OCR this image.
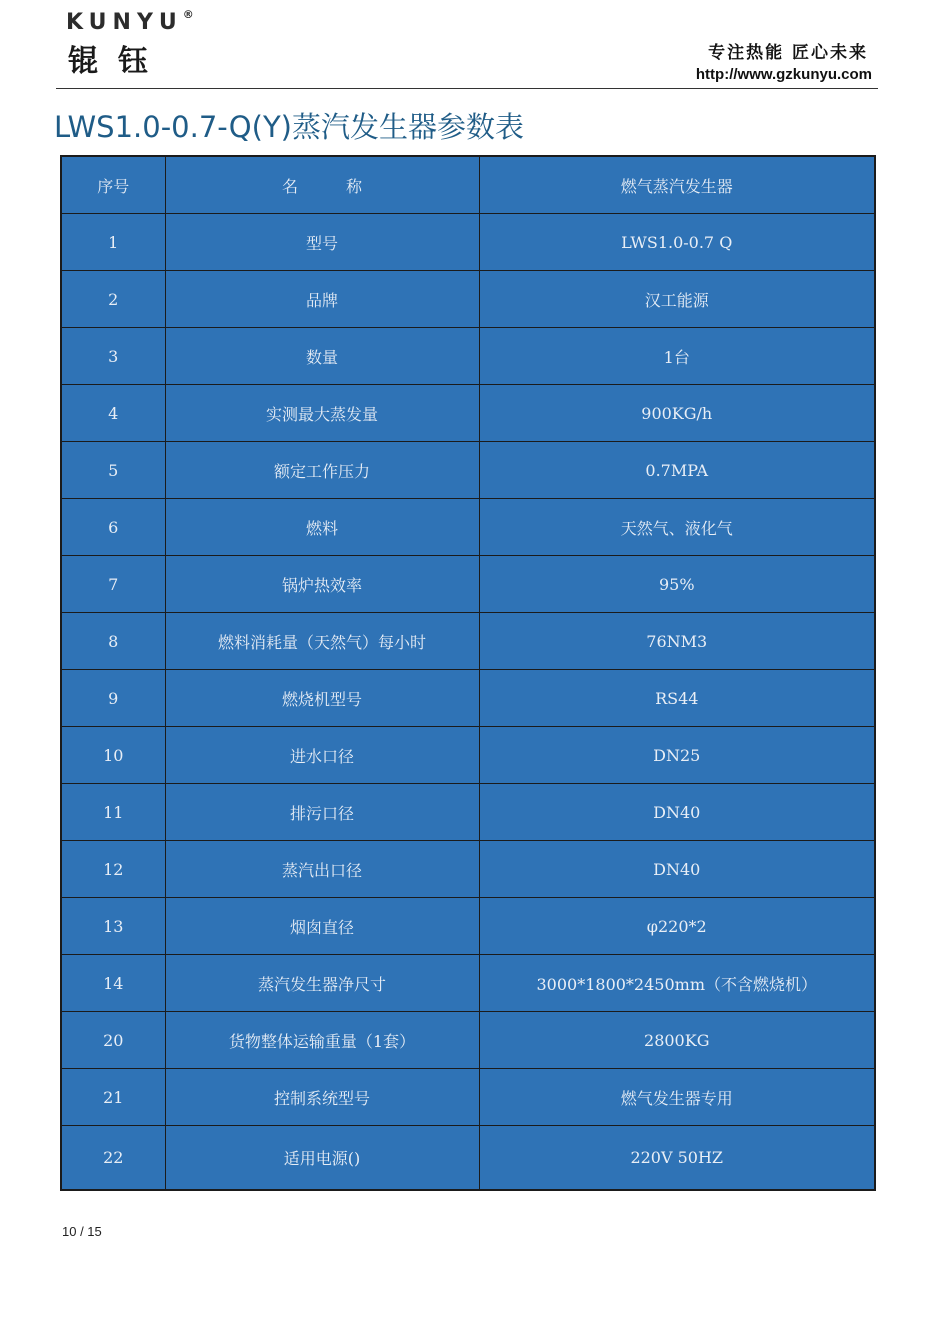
KUNYU®
锟钰	专注热能 匠心未来
http://www.gzkunyu.com
LWS1.0-0.7-Q(Y)蒸汽发生器参数表
序号	名　　　称	燃气蒸汽发生器
1	型号	LWS1.0-0.7 Q
2	品牌	汉工能源
3	数量	1台
4	实测最大蒸发量	900KG/h
5	额定工作压力	0.7MPA
6	燃料	天然气、液化气
7	锅炉热效率	95%
8	燃料消耗量（天然气）每小时	76NM3
9	燃烧机型号	RS44
10	进水口径	DN25
11	排污口径	DN40
12	蒸汽出口径	DN40
13	烟囱直径	φ220*2
14	蒸汽发生器净尺寸	3000*1800*2450mm（不含燃烧机）
20	货物整体运输重量（1套）	2800KG
21	控制系统型号	燃气发生器专用
22	适用电源()	220V 50HZ
10 / 15
